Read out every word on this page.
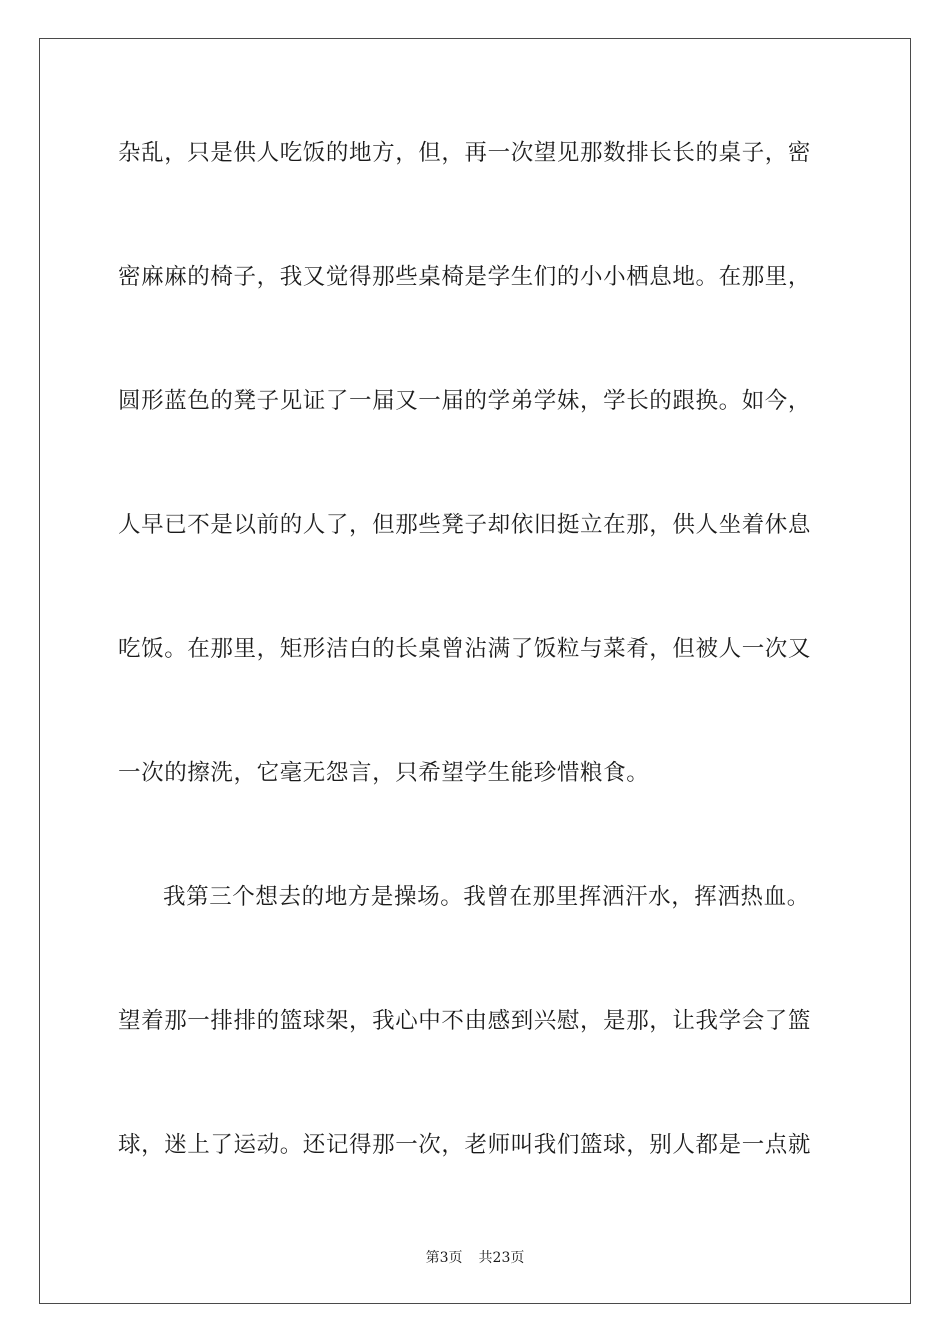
杂乱，只是供人吃饭的地方，但，再一次望见那数排长长的桌子，密
密麻麻的椅子，我又觉得那些桌椅是学生们的小小栖息地。在那里，
圆形蓝色的凳子见证了一届又一届的学弟学妹，学长的跟换。如今，
人早已不是以前的人了，但那些凳子却依旧挺立在那，供人坐着休息
吃饭。在那里，矩形洁白的长桌曾沾满了饭粒与菜肴，但被人一次又
一次的擦洗，它毫无怨言，只希望学生能珍惜粮食。
我第三个想去的地方是操场。我曾在那里挥洒汗水，挥洒热血。
望着那一排排的篮球架，我心中不由感到兴慰，是那，让我学会了篮
球，迷上了运动。还记得那一次，老师叫我们篮球，别人都是一点就
第3页 共23页
